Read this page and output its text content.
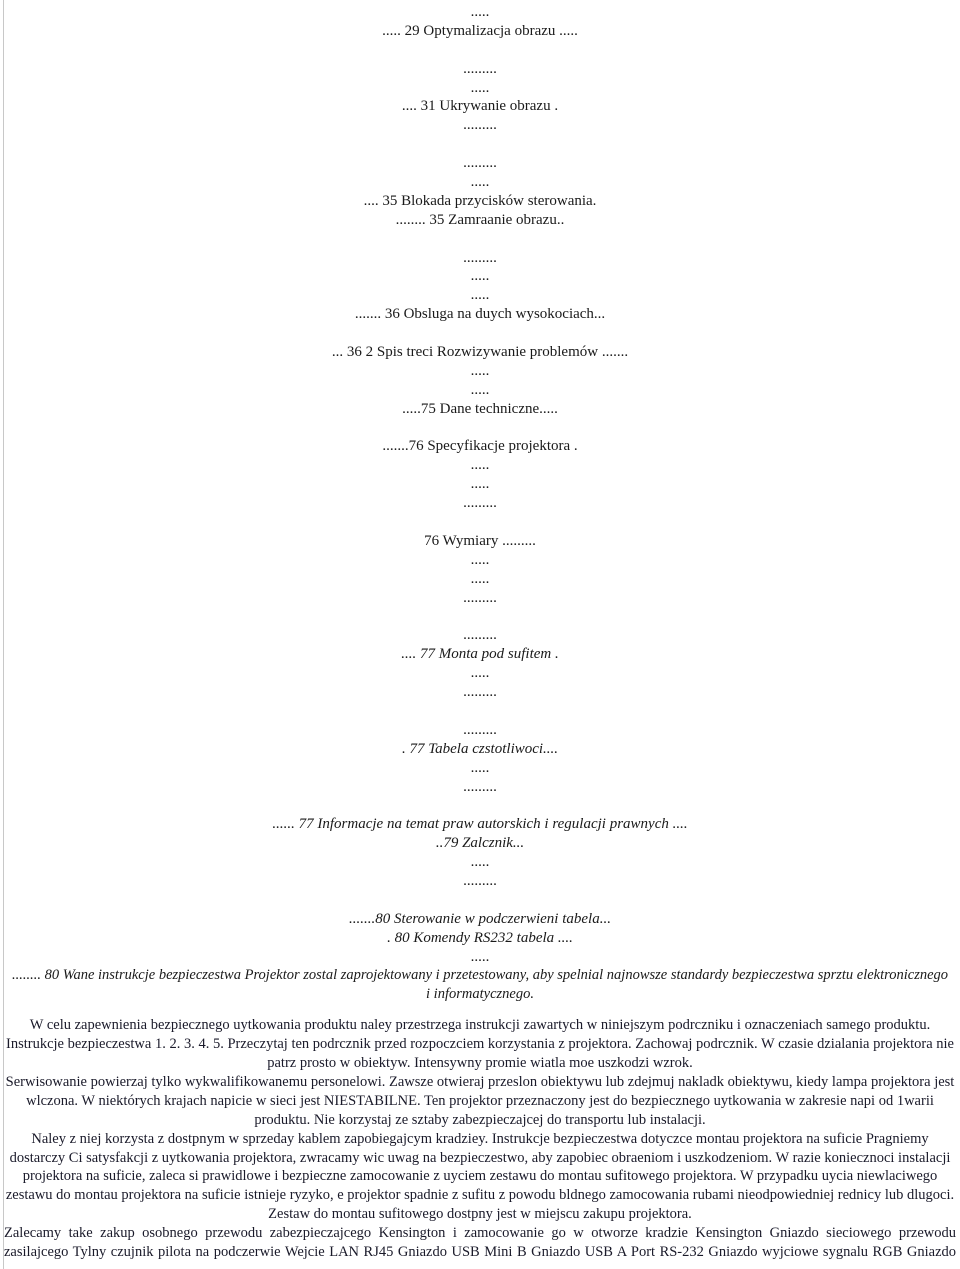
.....
..... 29 Optymalizacja obrazu .....
.........
.....
.... 31 Ukrywanie obrazu .
.........
.........
.....
.... 35 Blokada przycisków sterowania.
........ 35 Zamraanie obrazu..
.........
.....
.....
....... 36 Obsluga na duych wysokociach...
... 36 2 Spis treci Rozwizywanie problemów .......
.....
.....
.....75 Dane techniczne.....
.......76 Specyfikacje projektora .
.....
.....
.........
76 Wymiary .........
.....
.....
.........
.........
.... 77 Monta pod sufitem .
.....
.........
.........
. 77 Tabela czstotliwoci....
.....
.........
...... 77 Informacje na temat praw autorskich i regulacji prawnych ....
..79 Zalcznik...
.....
.........
.......80 Sterowanie w podczerwieni tabela...
. 80 Komendy RS232 tabela ....
.....

........ 80 Wane instrukcje bezpieczestwa Projektor zostal zaprojektowany i przetestowany, aby spelnial najnowsze standardy bezpieczestwa sprztu elektronicznego i informatycznego.

W celu zapewnienia bezpiecznego uytkowania produktu naley przestrzega instrukcji zawartych w niniejszym podrczniku i oznaczeniach samego produktu. Instrukcje bezpieczestwa 1. 2. 3. 4. 5. Przeczytaj ten podrcznik przed rozpoczciem korzystania z projektora. Zachowaj podrcznik. W czasie dzialania projektora nie patrz prosto w obiektyw. Intensywny promie wiatla moe uszkodzi wzrok.

Serwisowanie powierzaj tylko wykwalifikowanemu personelowi. Zawsze otwieraj przeslon obiektywu lub zdejmuj nakladk obiektywu, kiedy lampa projektora jest wlczona. W niektórych krajach napicie w sieci jest NIESTABILNE. Ten projektor przeznaczony jest do bezpiecznego uytkowania w zakresie napi od 1warii produktu. Nie korzystaj ze sztaby zabezpieczajcej do transportu lub instalacji.

Naley z niej korzysta z dostpnym w sprzeday kablem zapobiegajcym kradziey. Instrukcje bezpieczestwa dotyczce montau projektora na suficie Pragniemy dostarczy Ci satysfakcji z uytkowania projektora, zwracamy wic uwag na bezpieczestwo, aby zapobiec obraeniom i uszkodzeniom. W razie koniecznoci instalacji projektora na suficie, zaleca si prawidlowe i bezpieczne zamocowanie z uyciem zestawu do montau sufitowego projektora. W przypadku uycia niewlaciwego zestawu do montau projektora na suficie istnieje ryzyko, e projektor spadnie z sufitu z powodu bldnego zamocowania rubami nieodpowiedniej rednicy lub dlugoci. Zestaw do montau sufitowego dostpny jest w miejscu zakupu projektora.

Zalecamy take zakup osobnego przewodu zabezpieczajcego Kensington i zamocowanie go w otworze kradzie Kensington Gniazdo sieciowego przewodu zasilajcego Tylny czujnik pilota na podczerwie Wejcie LAN RJ45 Gniazdo USB Mini B Gniazdo USB A Port RS-232 Gniazdo wyjciowe sygnalu RGB Gniazdo
